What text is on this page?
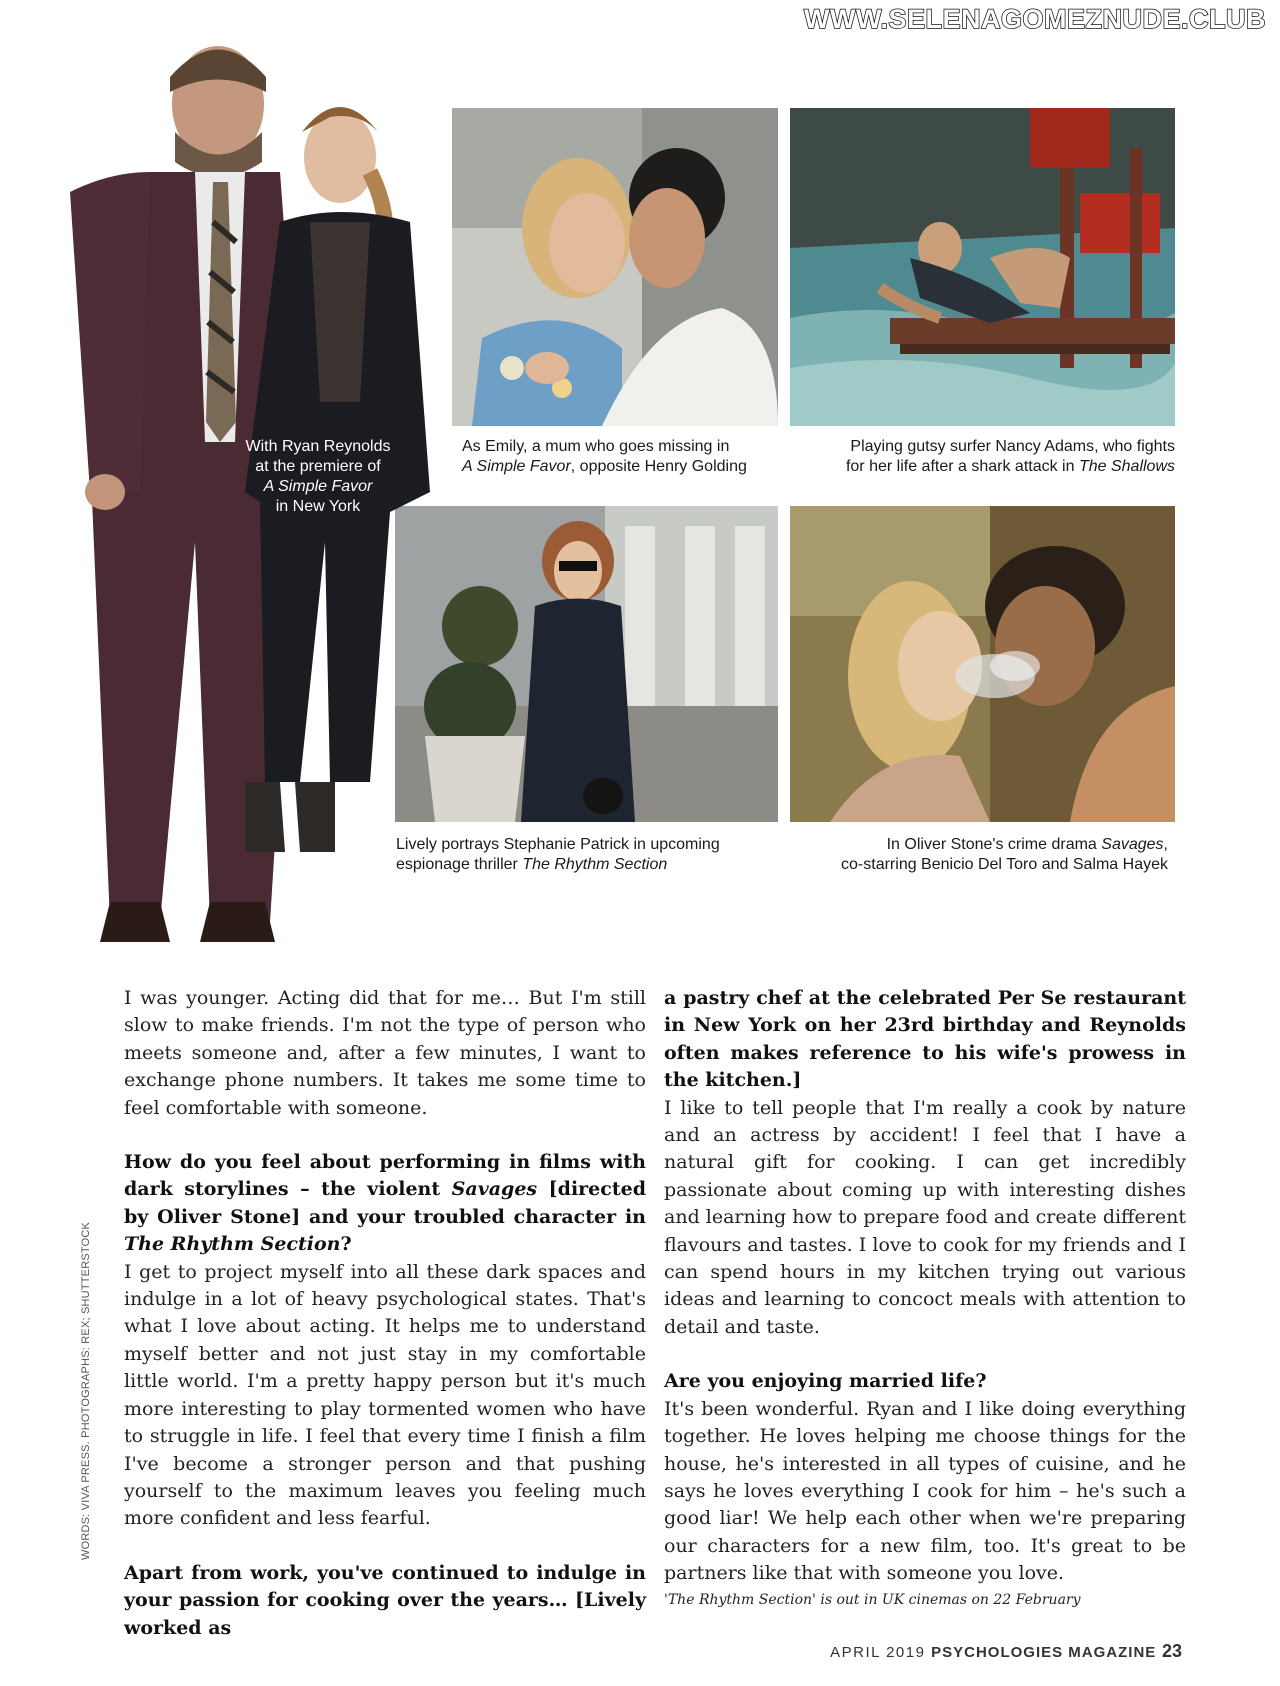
WWW.SELENAGOMEZNUDE.CLUB
With Ryan Reynolds
at the premiere of
A Simple Favor
in New York
As Emily, a mum who goes missing in
A Simple Favor, opposite Henry Golding
Playing gutsy surfer Nancy Adams, who fights
for her life after a shark attack in The Shallows
Lively portrays Stephanie Patrick in upcoming
espionage thriller The Rhythm Section
In Oliver Stone's crime drama Savages,
co-starring Benicio Del Toro and Salma Hayek

I was younger. Acting did that for me… But I'm still slow to make friends. I'm not the type of person who meets someone and, after a few minutes, I want to exchange phone numbers. It takes me some time to feel comfortable with someone.

How do you feel about performing in films with dark storylines – the violent Savages [directed by Oliver Stone] and your troubled character in The Rhythm Section?

I get to project myself into all these dark spaces and indulge in a lot of heavy psychological states. That's what I love about acting. It helps me to understand myself better and not just stay in my comfortable little world. I'm a pretty happy person but it's much more interesting to play tormented women who have to struggle in life. I feel that every time I finish a film I've become a stronger person and that pushing yourself to the maximum leaves you feeling much more confident and less fearful.

Apart from work, you've continued to indulge in your passion for cooking over the years… [Lively worked as

a pastry chef at the celebrated Per Se restaurant in New York on her 23rd birthday and Reynolds often makes reference to his wife's prowess in the kitchen.]

I like to tell people that I'm really a cook by nature and an actress by accident! I feel that I have a natural gift for cooking. I can get incredibly passionate about coming up with interesting dishes and learning how to prepare food and create different flavours and tastes. I love to cook for my friends and I can spend hours in my kitchen trying out various ideas and learning to concoct meals with attention to detail and taste.

Are you enjoying married life?

It's been wonderful. Ryan and I like doing everything together. He loves helping me choose things for the house, he's interested in all types of cuisine, and he says he loves everything I cook for him – he's such a good liar! We help each other when we're preparing our characters for a new film, too. It's great to be partners like that with someone you love.

'The Rhythm Section' is out in UK cinemas on 22 February

WORDS: VIVA PRESS. PHOTOGRAPHS: REX; SHUTTERSTOCK
APRIL 2019 PSYCHOLOGIES MAGAZINE 23
